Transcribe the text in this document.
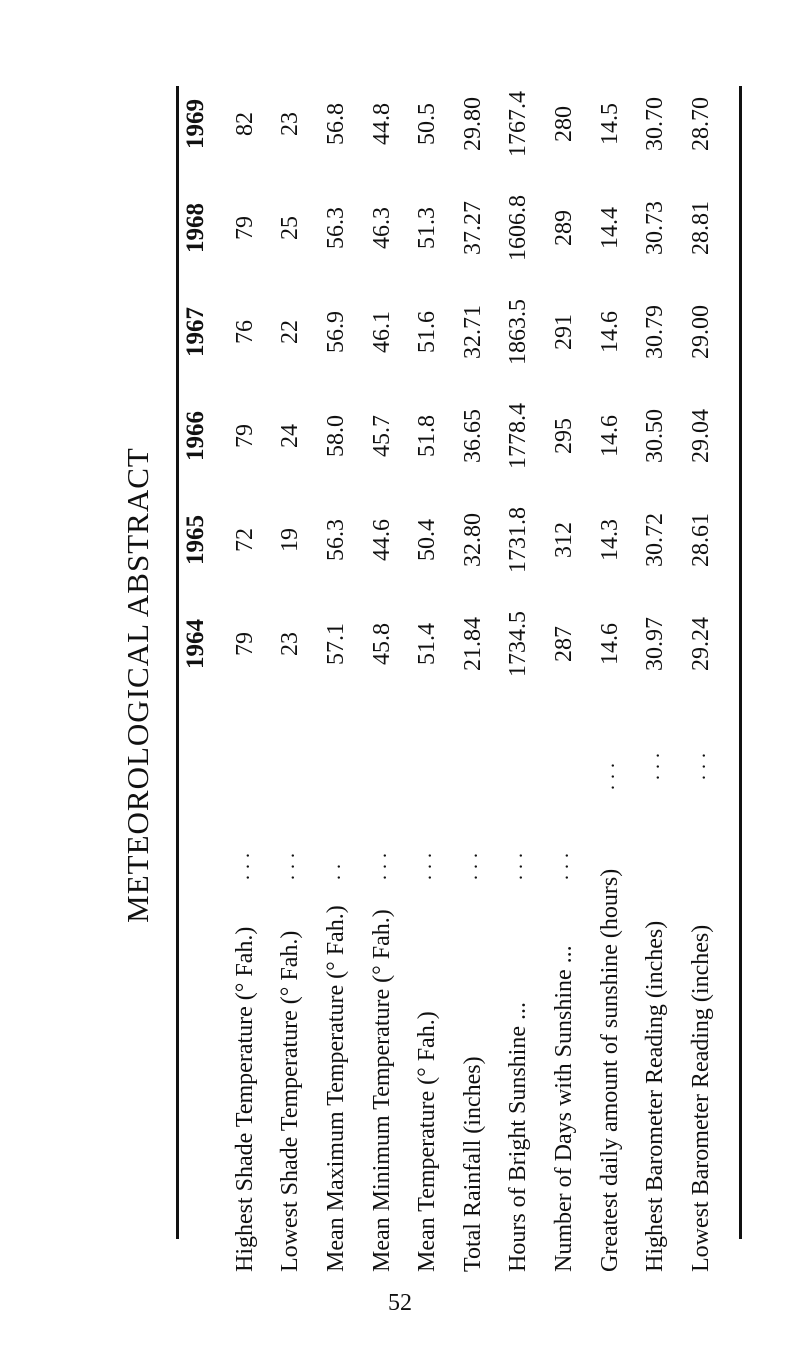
METEOROLOGICAL ABSTRACT 1964
1965
1966
1967
1968
1969
Highest Shade Temperature (° Fah.)
...
79
72
79
76
79
82
Lowest Shade Temperature (° Fah.)
...
23
19
24
22
25
23
Mean Maximum Temperature (° Fah.)
..
57.1
56.3
58.0
56.9
56.3
56.8
Mean Minimum Temperature (° Fah.)
...
45.8
44.6
45.7
46.1
46.3
44.8
Mean Temperature (° Fah.)
...
51.4
50.4
51.8
51.6
51.3
50.5
Total Rainfall (inches)
...
21.84
32.80
36.65
32.71
37.27
29.80
Hours of Bright Sunshine ...
...
1734.5
1731.8
1778.4
1863.5
1606.8
1767.4
Number of Days with Sunshine ...
...
287
312
295
291
289
280
Greatest daily amount of sunshine (hours)
...
14.6
14.3
14.6
14.6
14.4
14.5
Highest Barometer Reading (inches)
...
30.97
30.72
30.50
30.79
30.73
30.70
Lowest Barometer Reading (inches)
...
29.24
28.61
29.04
29.00
28.81
28.70
52
